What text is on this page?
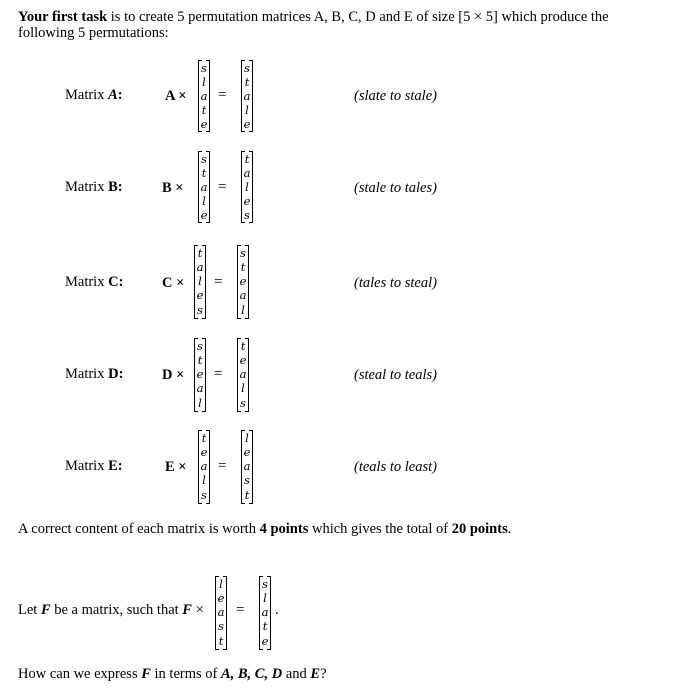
Your first task is to create 5 permutation matrices A, B, C, D and E of size [5 × 5] which produce the following 5 permutations:
Matrix A:	A ×
s
l
a
t
e
=
s
t
a
l
e
(slate to stale)
Matrix B:	B ×
s
t
a
l
e
=
t
a
l
e
s
(stale to tales)
Matrix C:	C ×
t
a
l
e
s
=
s
t
e
a
l
(tales to steal)
Matrix D:	D ×
s
t
e
a
l
=
t
e
a
l
s
(steal to teals)
Matrix E:	E ×
t
e
a
l
s
=
l
e
a
s
t
(teals to least)
A correct content of each matrix is worth 4 points which gives the total of 20 points.
Let F be a matrix, such that F ×
l
e
a
s
t
=
s
l
a
t
e
.
How can we express F in terms of A, B, C, D and E?
